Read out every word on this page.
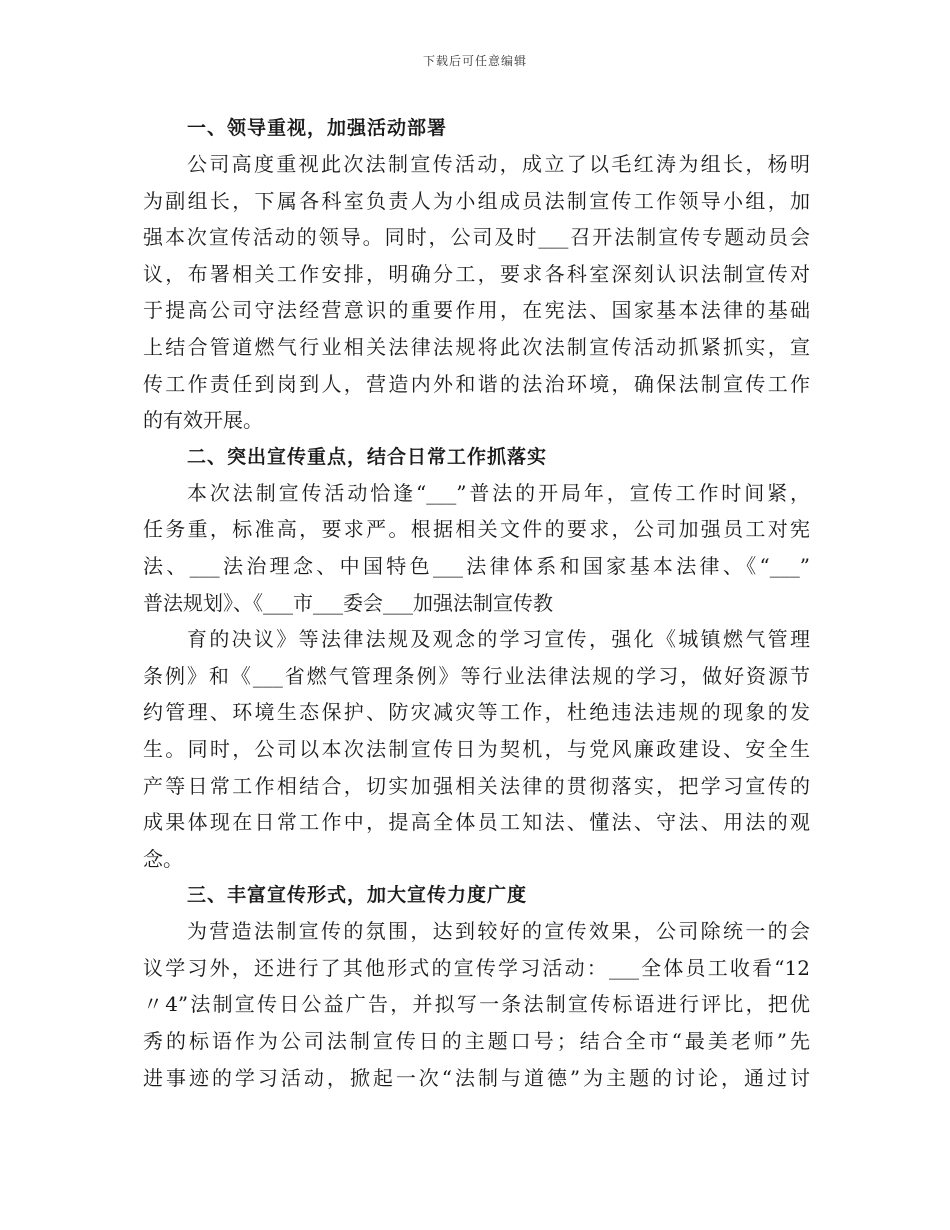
下载后可任意编辑
一、领导重视，加强活动部署

公司高度重视此次法制宣传活动，成立了以毛红涛为组长，杨明
为副组长，下属各科室负责人为小组成员法制宣传工作领导小组，加
强本次宣传活动的领导。同时，公司及时___召开法制宣传专题动员会
议，布署相关工作安排，明确分工，要求各科室深刻认识法制宣传对
于提高公司守法经营意识的重要作用，在宪法、国家基本法律的基础
上结合管道燃气行业相关法律法规将此次法制宣传活动抓紧抓实，宣
传工作责任到岗到人，营造内外和谐的法治环境，确保法制宣传工作
的有效开展。

二、突出宣传重点，结合日常工作抓落实

本次法制宣传活动恰逢“___”普法的开局年，宣传工作时间紧，
任务重，标准高，要求严。根据相关文件的要求，公司加强员工对宪
法、___法治理念、中国特色___法律体系和国家基本法律、《“___”
普法规划》、《___市___委会___加强法制宣传教

育的决议》等法律法规及观念的学习宣传，强化《城镇燃气管理
条例》和《___省燃气管理条例》等行业法律法规的学习，做好资源节
约管理、环境生态保护、防灾减灾等工作，杜绝违法违规的现象的发
生。同时，公司以本次法制宣传日为契机，与党风廉政建设、安全生
产等日常工作相结合，切实加强相关法律的贯彻落实，把学习宣传的
成果体现在日常工作中，提高全体员工知法、懂法、守法、用法的观
念。

三、丰富宣传形式，加大宣传力度广度

为营造法制宣传的氛围，达到较好的宣传效果，公司除统一的会
议学习外，还进行了其他形式的宣传学习活动：___全体员工收看“12
〃4”法制宣传日公益广告，并拟写一条法制宣传标语进行评比，把优
秀的标语作为公司法制宣传日的主题口号；结合全市“最美老师”先
进事迹的学习活动，掀起一次“法制与道德”为主题的讨论，通过讨
